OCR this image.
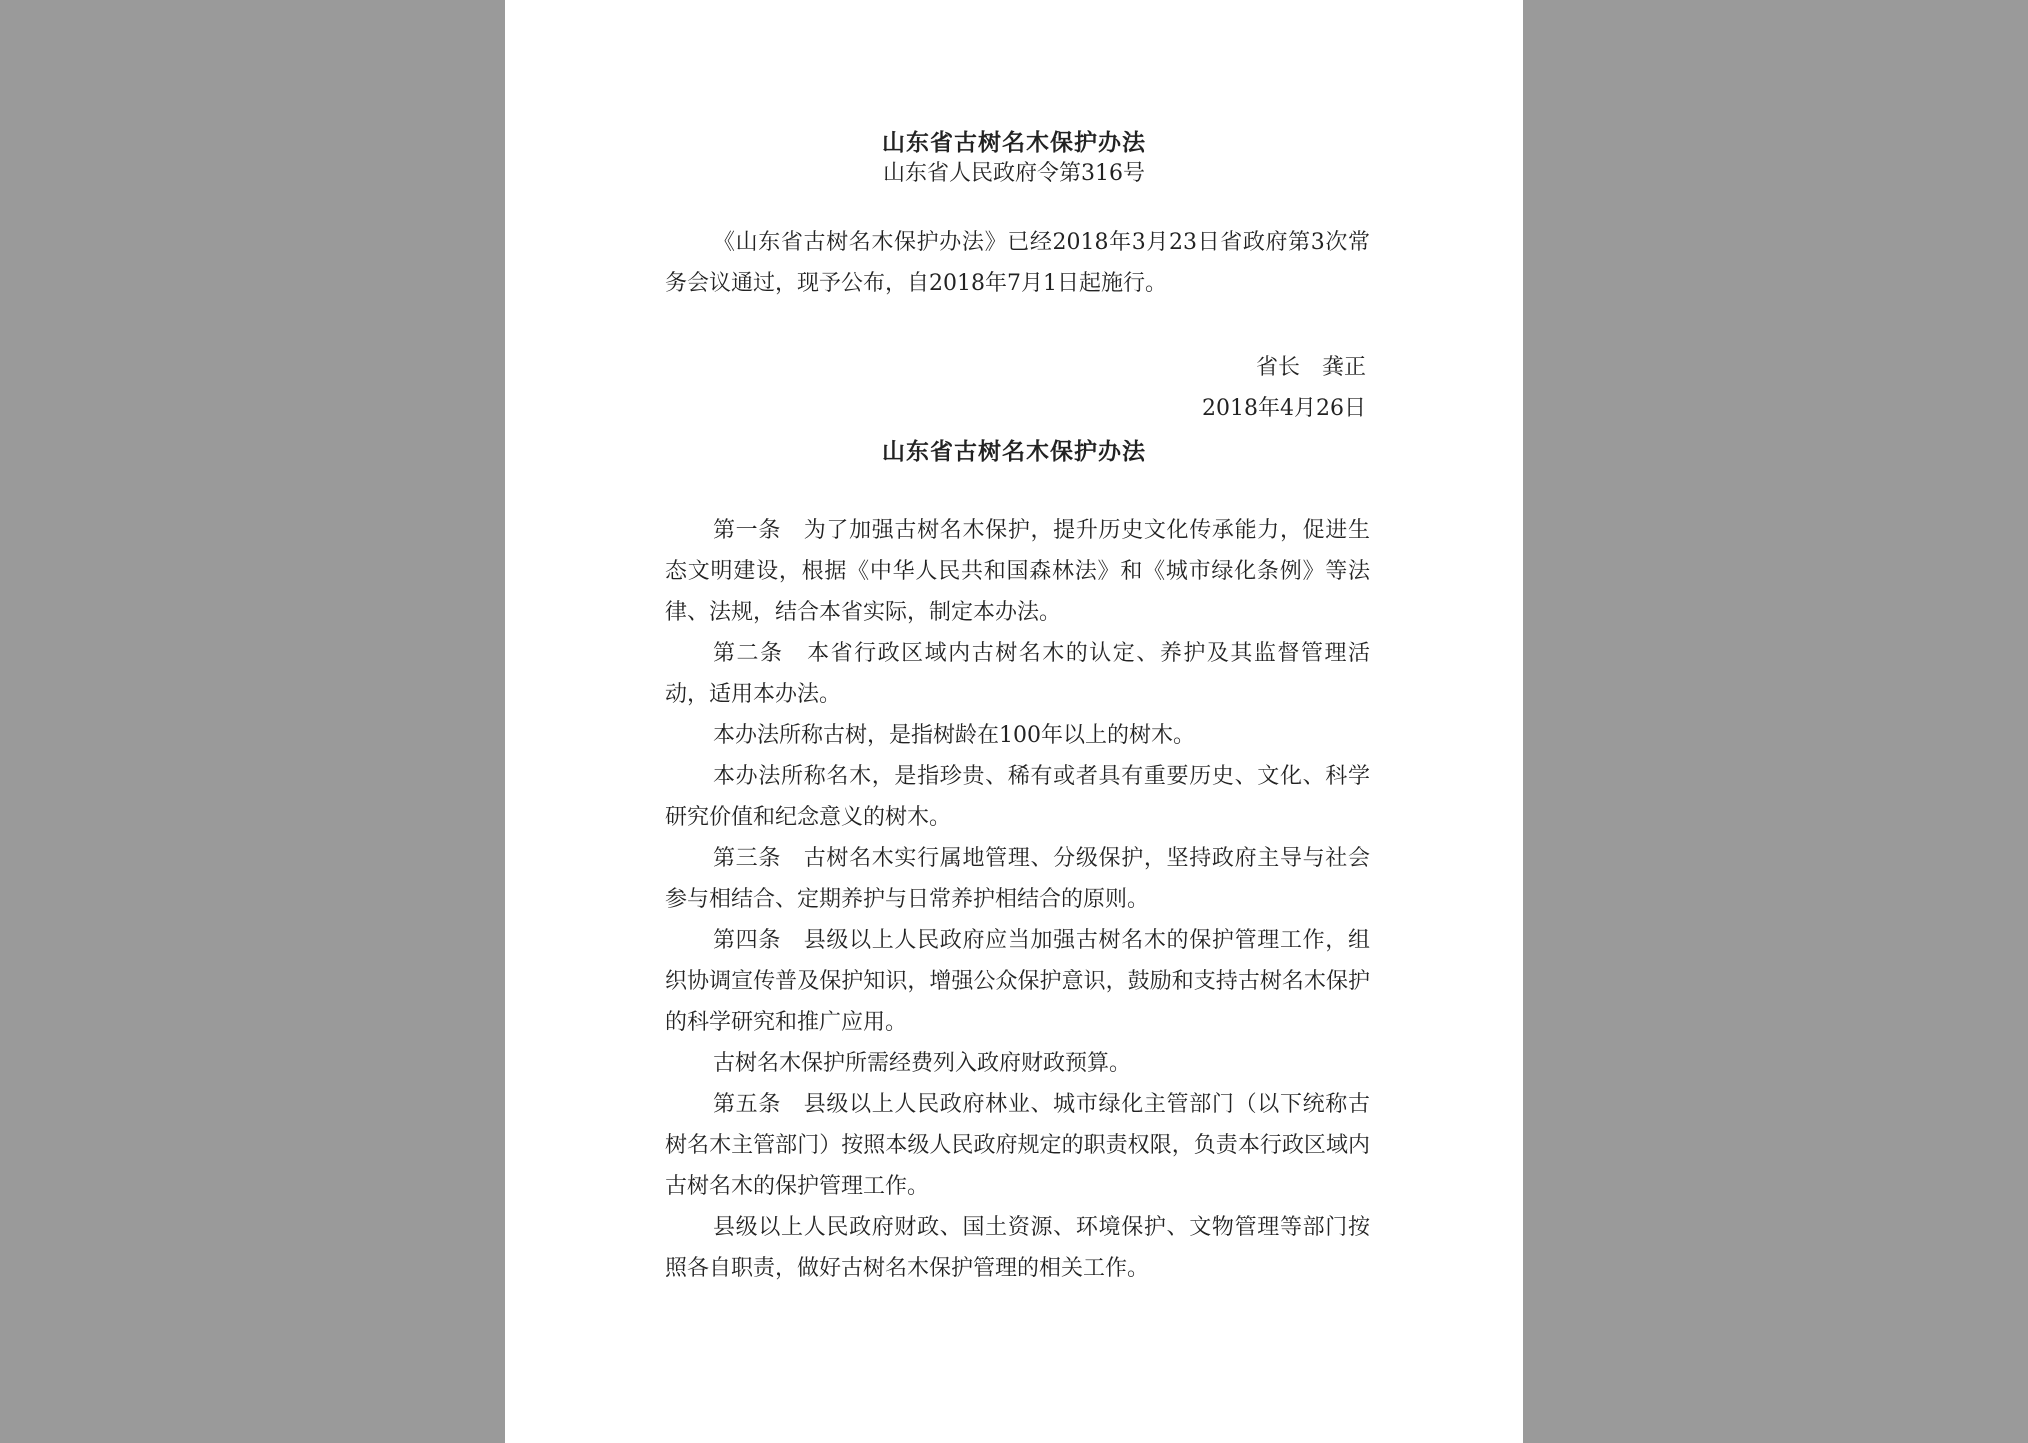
山东省古树名木保护办法
山东省人民政府令第316号

《山东省古树名木保护办法》已经2018年3月23日省政府第3次常务会议通过，现予公布，自2018年7月1日起施行。

省长　龚正
2018年4月26日
山东省古树名木保护办法

第一条　为了加强古树名木保护，提升历史文化传承能力，促进生态文明建设，根据《中华人民共和国森林法》和《城市绿化条例》等法律、法规，结合本省实际，制定本办法。

第二条　本省行政区域内古树名木的认定、养护及其监督管理活动，适用本办法。

本办法所称古树，是指树龄在100年以上的树木。

本办法所称名木，是指珍贵、稀有或者具有重要历史、文化、科学研究价值和纪念意义的树木。

第三条　古树名木实行属地管理、分级保护，坚持政府主导与社会参与相结合、定期养护与日常养护相结合的原则。

第四条　县级以上人民政府应当加强古树名木的保护管理工作，组织协调宣传普及保护知识，增强公众保护意识，鼓励和支持古树名木保护的科学研究和推广应用。

古树名木保护所需经费列入政府财政预算。

第五条　县级以上人民政府林业、城市绿化主管部门（以下统称古树名木主管部门）按照本级人民政府规定的职责权限，负责本行政区域内古树名木的保护管理工作。

县级以上人民政府财政、国土资源、环境保护、文物管理等部门按照各自职责，做好古树名木保护管理的相关工作。
